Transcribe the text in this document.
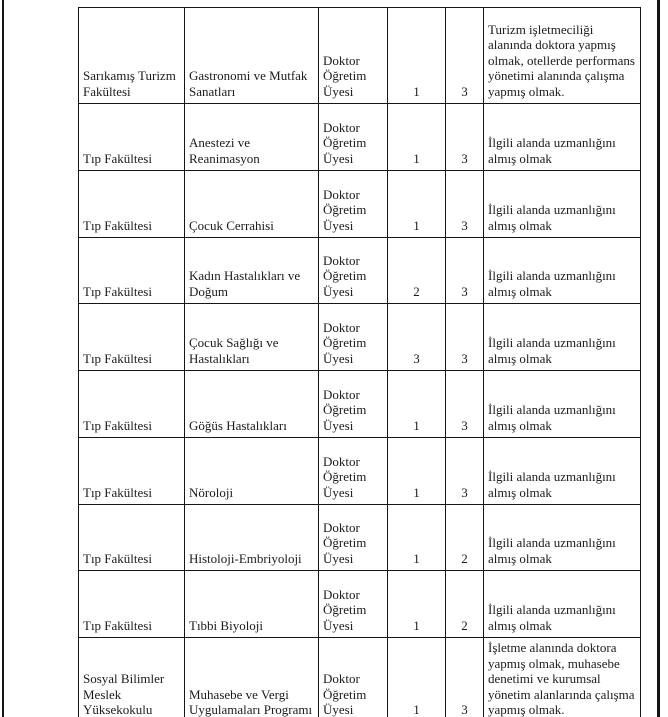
Sarıkamış Turizm Fakültesi	Gastronomi ve Mutfak Sanatları	Doktor Öğretim Üyesi	1	3	Turizm işletmeciliği alanında doktora yapmış olmak, otellerde performans yönetimi alanında çalışma yapmış olmak.
Tıp Fakültesi	Anestezi ve Reanimasyon	Doktor Öğretim Üyesi	1	3	İlgili alanda uzmanlığını almış olmak
Tıp Fakültesi	Çocuk Cerrahisi	Doktor Öğretim Üyesi	1	3	İlgili alanda uzmanlığını almış olmak
Tıp Fakültesi	Kadın Hastalıkları ve Doğum	Doktor Öğretim Üyesi	2	3	İlgili alanda uzmanlığını almış olmak
Tıp Fakültesi	Çocuk Sağlığı ve Hastalıkları	Doktor Öğretim Üyesi	3	3	İlgili alanda uzmanlığını almış olmak
Tıp Fakültesi	Göğüs Hastalıkları	Doktor Öğretim Üyesi	1	3	İlgili alanda uzmanlığını almış olmak
Tıp Fakültesi	Nöroloji	Doktor Öğretim Üyesi	1	3	İlgili alanda uzmanlığını almış olmak
Tıp Fakültesi	Histoloji-Embriyoloji	Doktor Öğretim Üyesi	1	2	İlgili alanda uzmanlığını almış olmak
Tıp Fakültesi	Tıbbi Biyoloji	Doktor Öğretim Üyesi	1	2	İlgili alanda uzmanlığını almış olmak
Sosyal Bilimler Meslek Yüksekokulu	Muhasebe ve Vergi Uygulamaları Programı	Doktor Öğretim Üyesi	1	3	İşletme alanında doktora yapmış olmak, muhasebe denetimi ve kurumsal yönetim alanlarında çalışma yapmış olmak.
